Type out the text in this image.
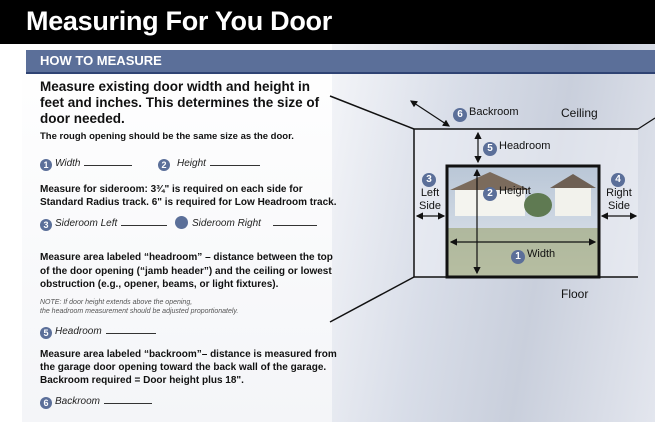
Measuring For You Door
HOW TO MEASURE
Measure existing door width and height in feet and inches. This determines the size of door needed.
The rough opening should be the same size as the door.
1 Width	2 Height
Measure for sideroom: 3¾" is required on each side for Standard Radius track. 6" is required for Low Headroom track.
3 Sideroom Left	Sideroom Right
Measure area labeled “headroom” – distance between the top of the door opening (“jamb header”) and the ceiling or lowest obstruction (e.g., opener, beams, or light fixtures).
NOTE: If door height extends above the opening,
the headroom measurement should be adjusted proportionately.
5 Headroom
Measure area labeled “backroom”– distance is measured from the garage door opening toward the back wall of the garage. Backroom required = Door height plus 18".
6 Backroom
6 Backroom	Ceiling
5 Headroom
3
Left
Side
4
Right
Side
2 Height
1 Width
Floor
